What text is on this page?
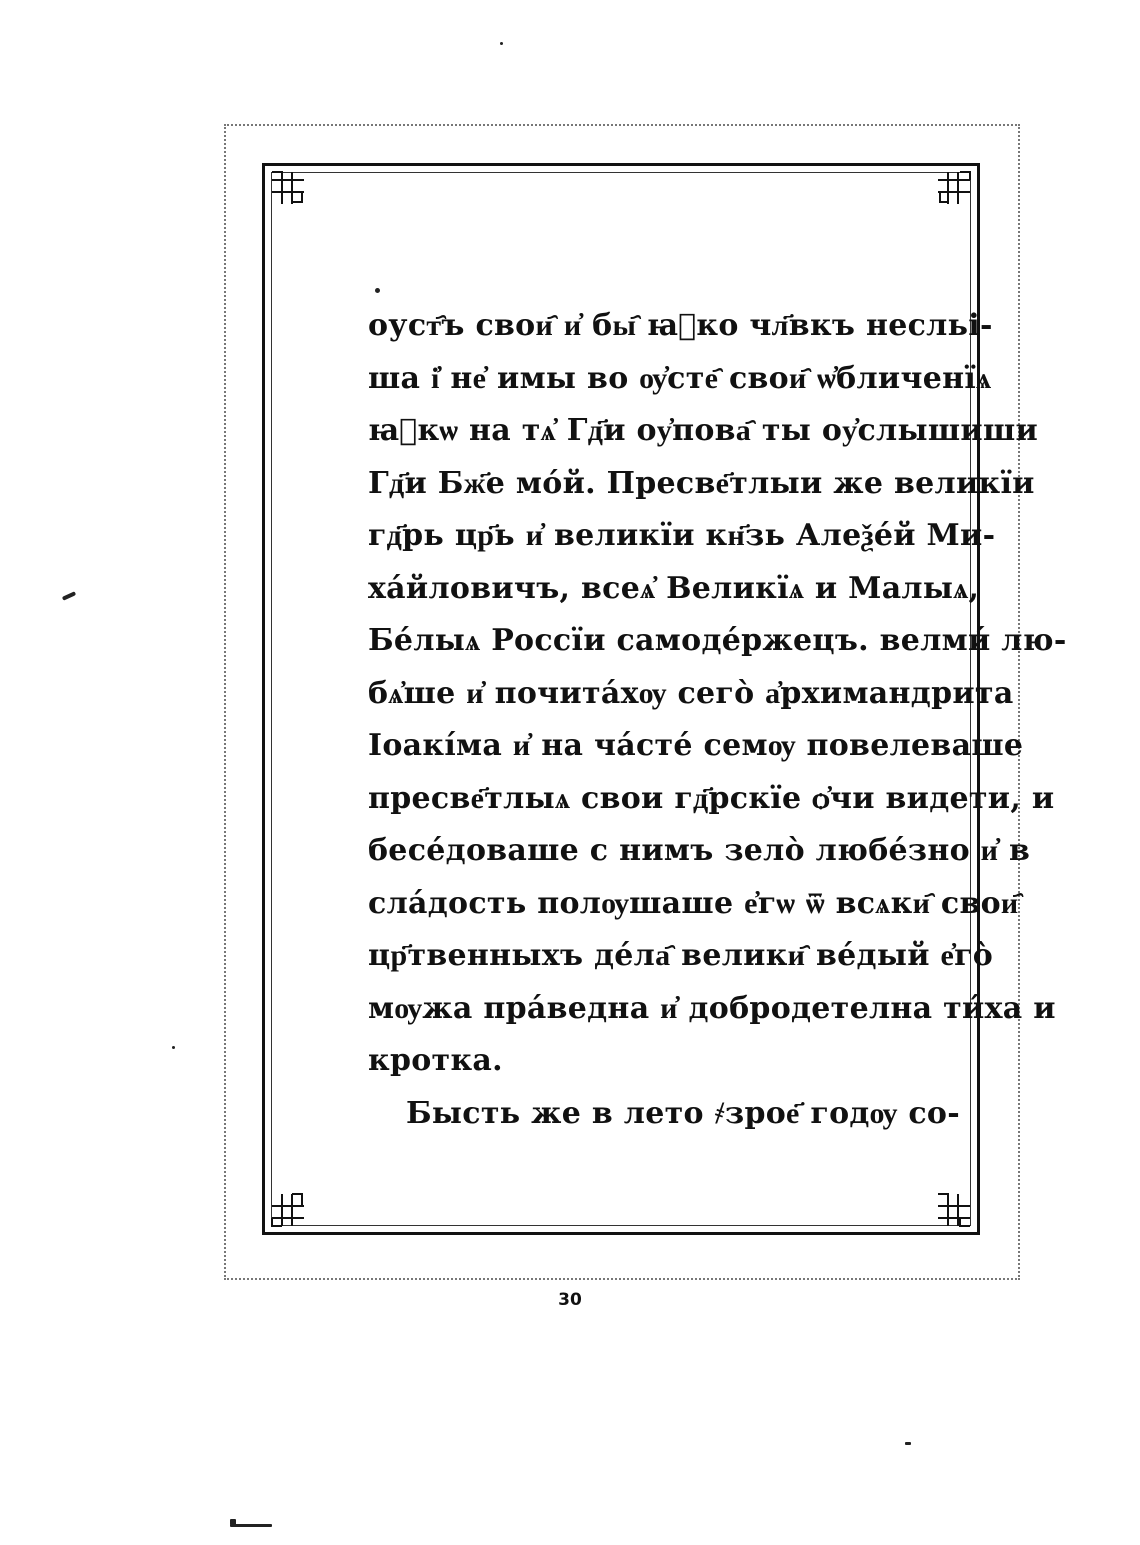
оуст҄ъ свои҄ и҆ бы҄ ꙗ҆ко чл҃вкъ несльі-
ша і҆ не҆ имы во ѹ҆сте҄ свои҄ ѡ҆бличенїѧ
ꙗ҆кѡ на тѧ҆ Гд҃и оу҆пова҄ ты оу҆слышиши
Гд҃и Бж҃е мо́й. Пресве҃тлыи же великїи
гд҃рь цр҃ь и҆ великїи кн҃зь Алеѯе́й Ми-
ха́йловичъ, всеѧ҆ Великїѧ и Малыѧ,
Бе́лыѧ Россїи самоде́ржецъ. велми́ лю-
бѧ҆ше и҆ почита́хѹ сего̀ а҆рхимандрита
Іоакі́ма и҆ на ча́сте́ семѹ повелеваше
пресве҃тлыѧ свои гд҃рскїе ѻ҆чи видети, и
бесе́доваше с нимъ зело̀ любе́зно и҆ в
сла́дость полѹшаше е҆гѡ ѿ всѧки҄ свои҄
цр҃твенныхъ де́ла҄ велики҄ ве́дый е҆го̀
мѹжа пра́ведна и҆ добродетелна ти́ха и
кротка.
Бысть же в лето ҂зрое҃ годѹ со-
30
